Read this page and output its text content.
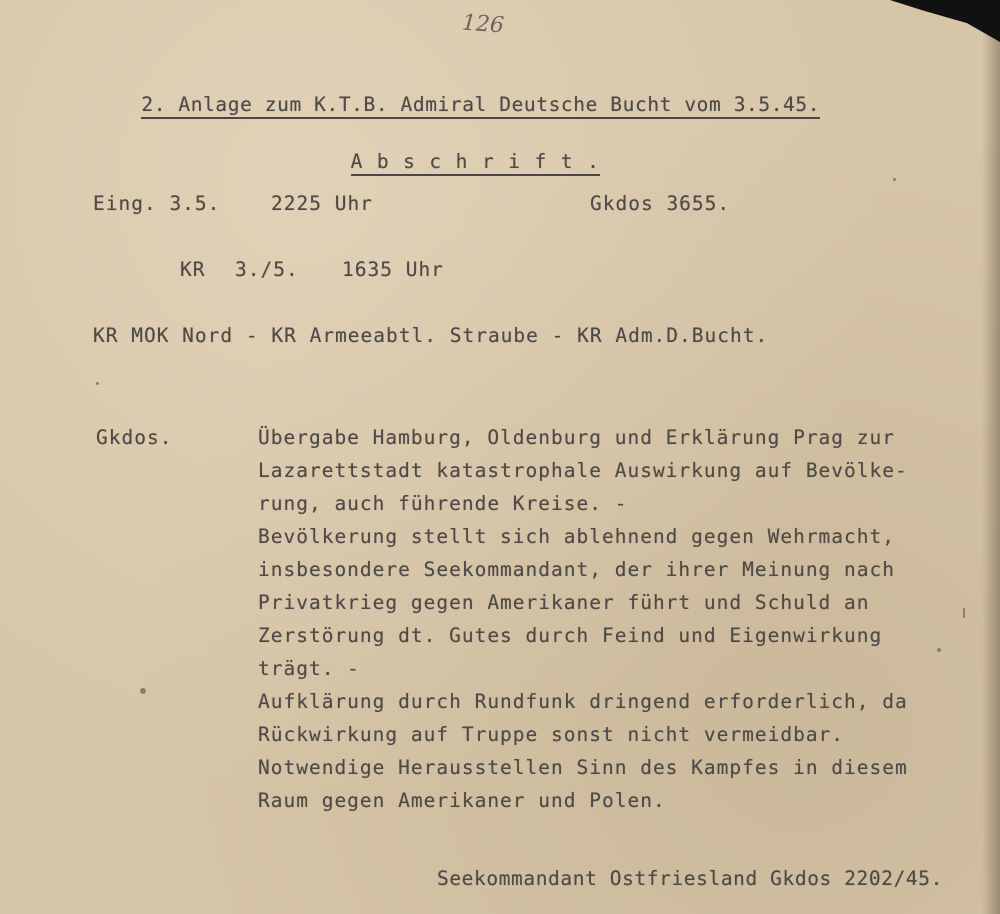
126

2. Anlage zum K.T.B. Admiral Deutsche Bucht vom 3.5.45.

A b s c h r i f t .

Eing. 3.5.	2225 Uhr	Gkdos 3655.
KR 3./5. 1635 Uhr
KR MOK Nord - KR Armeeabtl. Straube - KR Adm.D.Bucht.
Gkdos.	Übergabe Hamburg, Oldenburg und Erklärung Prag zur
Lazarettstadt katastrophale Auswirkung auf Bevölke-
rung, auch führende Kreise. -
Bevölkerung stellt sich ablehnend gegen Wehrmacht,
insbesondere Seekommandant, der ihrer Meinung nach
Privatkrieg gegen Amerikaner führt und Schuld an
Zerstörung dt. Gutes durch Feind und Eigenwirkung
trägt. -
Aufklärung durch Rundfunk dringend erforderlich, da
Rückwirkung auf Truppe sonst nicht vermeidbar.
Notwendige Herausstellen Sinn des Kampfes in diesem
Raum gegen Amerikaner und Polen.
Seekommandant Ostfriesland Gkdos 2202/45.
